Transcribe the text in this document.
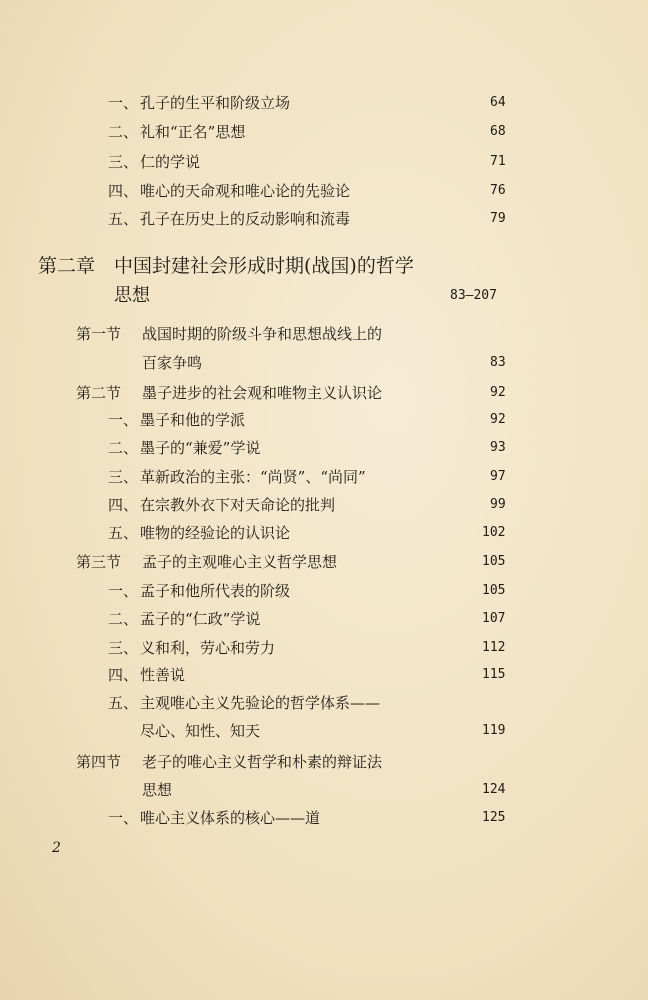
一、 孔子的生平和阶级立场	64
二、 礼和“正名”思想	68
三、 仁的学说	71
四、 唯心的天命观和唯心论的先验论	76
五、 孔子在历史上的反动影响和流毒	79
第二章 中国封建社会形成时期(战国)的哲学
思想	83—207
第一节 战国时期的阶级斗争和思想战线上的
百家争鸣	83
第二节 墨子进步的社会观和唯物主义认识论	92
一、 墨子和他的学派	92
二、 墨子的“兼爱”学说	93
三、 革新政治的主张：“尚贤”、“尚同”	97
四、 在宗教外衣下对天命论的批判	99
五、 唯物的经验论的认识论	102
第三节 孟子的主观唯心主义哲学思想	105
一、 孟子和他所代表的阶级	105
二、 孟子的“仁政”学说	107
三、 义和利，劳心和劳力	112
四、 性善说	115
五、 主观唯心主义先验论的哲学体系——
尽心、知性、知天	119
第四节 老子的唯心主义哲学和朴素的辩证法
思想	124
一、 唯心主义体系的核心——道	125
2
